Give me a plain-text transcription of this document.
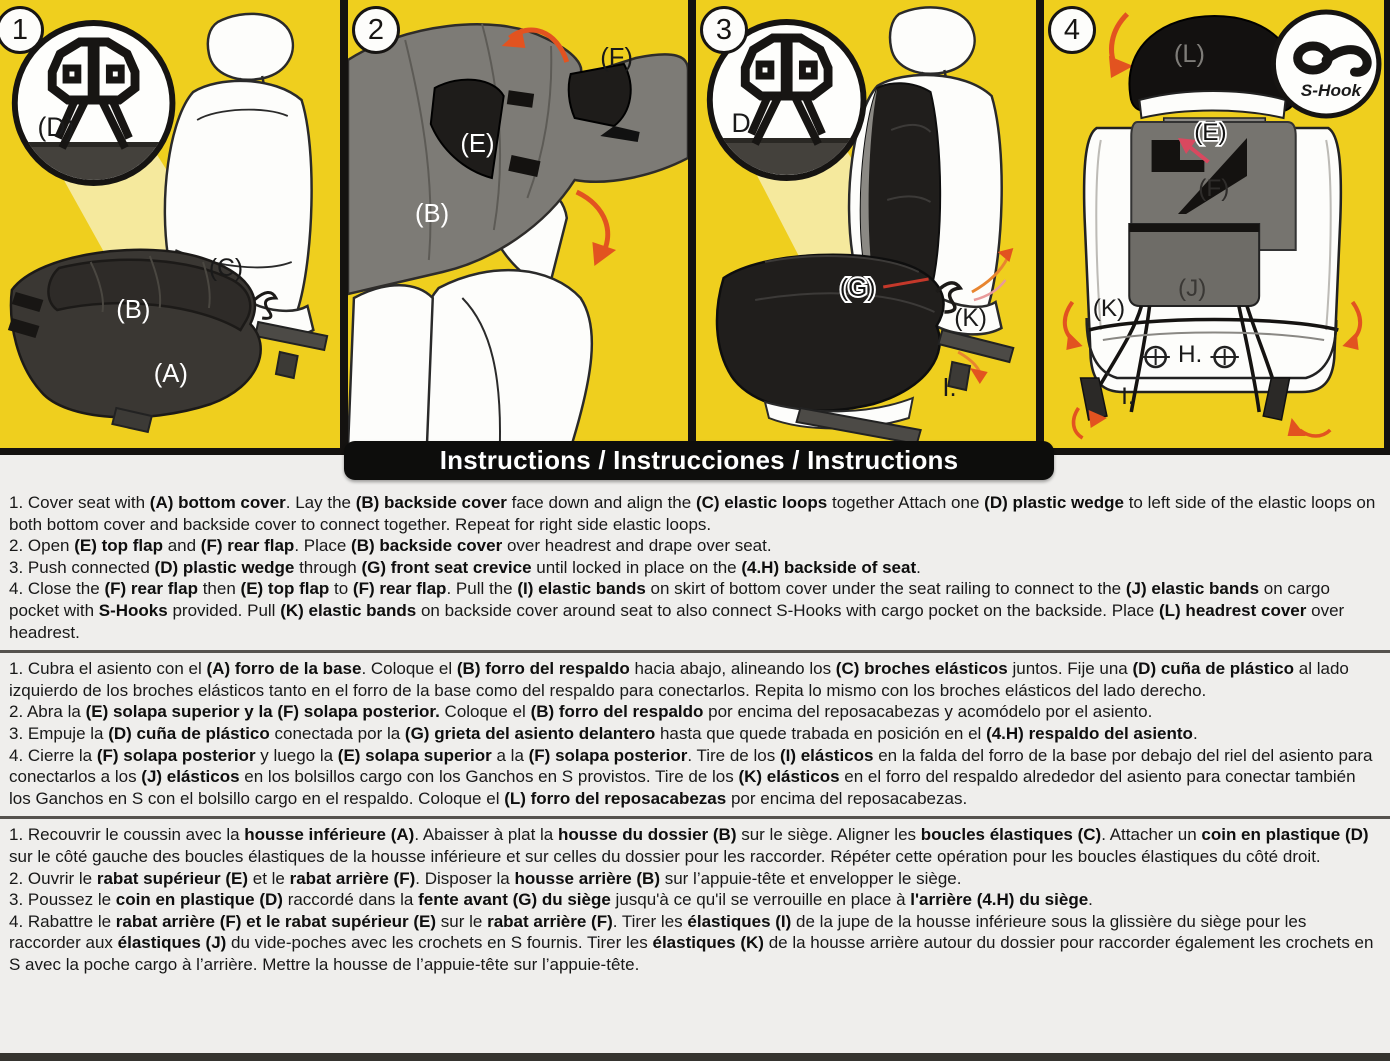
1
(D)
(C)
(B)
(A)
2
(F)
(E)
(B)
3
D.
(G)
(K)
I.
4
S-Hook
(L)
(E)
(F)
(J)
(K)
H.
I.
Instructions / Instrucciones / Instructions

1. Cover seat with (A) bottom cover. Lay the (B) backside cover face down and align the (C) elastic loops together Attach one (D) plastic wedge to left side of the elastic loops on both bottom cover and backside cover to connect together. Repeat for right side elastic loops.

2. Open (E) top flap and (F) rear flap. Place (B) backside cover over headrest and drape over seat.

3. Push connected (D) plastic wedge through (G) front seat crevice until locked in place on the (4.H) backside of seat.

4. Close the (F) rear flap then (E) top flap to (F) rear flap. Pull the (I) elastic bands on skirt of bottom cover under the seat railing to connect to the (J) elastic bands on cargo pocket with S-Hooks provided. Pull (K) elastic bands on backside cover around seat to also connect S-Hooks with cargo pocket on the backside. Place (L) headrest cover over headrest.

1. Cubra el asiento con el (A) forro de la base. Coloque el (B) forro del respaldo hacia abajo, alineando los (C) broches elásticos juntos. Fije una (D) cuña de plástico al lado izquierdo de los broches elásticos tanto en el forro de la base como del respaldo para conectarlos. Repita lo mismo con los broches elásticos del lado derecho.

2. Abra la (E) solapa superior y la (F) solapa posterior. Coloque el (B) forro del respaldo por encima del reposacabezas y acomódelo por el asiento.

3. Empuje la (D) cuña de plástico conectada por la (G) grieta del asiento delantero hasta que quede trabada en posición en el (4.H) respaldo del asiento.

4. Cierre la (F) solapa posterior y luego la (E) solapa superior a la (F) solapa posterior. Tire de los (I) elásticos en la falda del forro de la base por debajo del riel del asiento para conectarlos a los (J) elásticos en los bolsillos cargo con los Ganchos en S provistos. Tire de los (K) elásticos en el forro del respaldo alrededor del asiento para conectar también los Ganchos en S con el bolsillo cargo en el respaldo. Coloque el (L) forro del reposacabezas por encima del reposacabezas.

1. Recouvrir le coussin avec la housse inférieure (A). Abaisser à plat la housse du dossier (B) sur le siège. Aligner les boucles élastiques (C). Attacher un coin en plastique (D) sur le côté gauche des boucles élastiques de la housse inférieure et sur celles du dossier pour les raccorder. Répéter cette opération pour les boucles élastiques du côté droit.

2. Ouvrir le rabat supérieur (E) et le rabat arrière (F). Disposer la housse arrière (B) sur l’appuie-tête et envelopper le siège.

3. Poussez le coin en plastique (D) raccordé dans la fente avant (G) du siège jusqu'à ce qu'il se verrouille en place à l'arrière (4.H) du siège.

4. Rabattre le rabat arrière (F) et le rabat supérieur (E) sur le rabat arrière (F). Tirer les élastiques (I) de la jupe de la housse inférieure sous la glissière du siège pour les raccorder aux élastiques (J) du vide-poches avec les crochets en S fournis. Tirer les élastiques (K) de la housse arrière autour du dossier pour raccorder également les crochets en S avec la poche cargo à l’arrière. Mettre la housse de l’appuie-tête sur l’appuie-tête.
